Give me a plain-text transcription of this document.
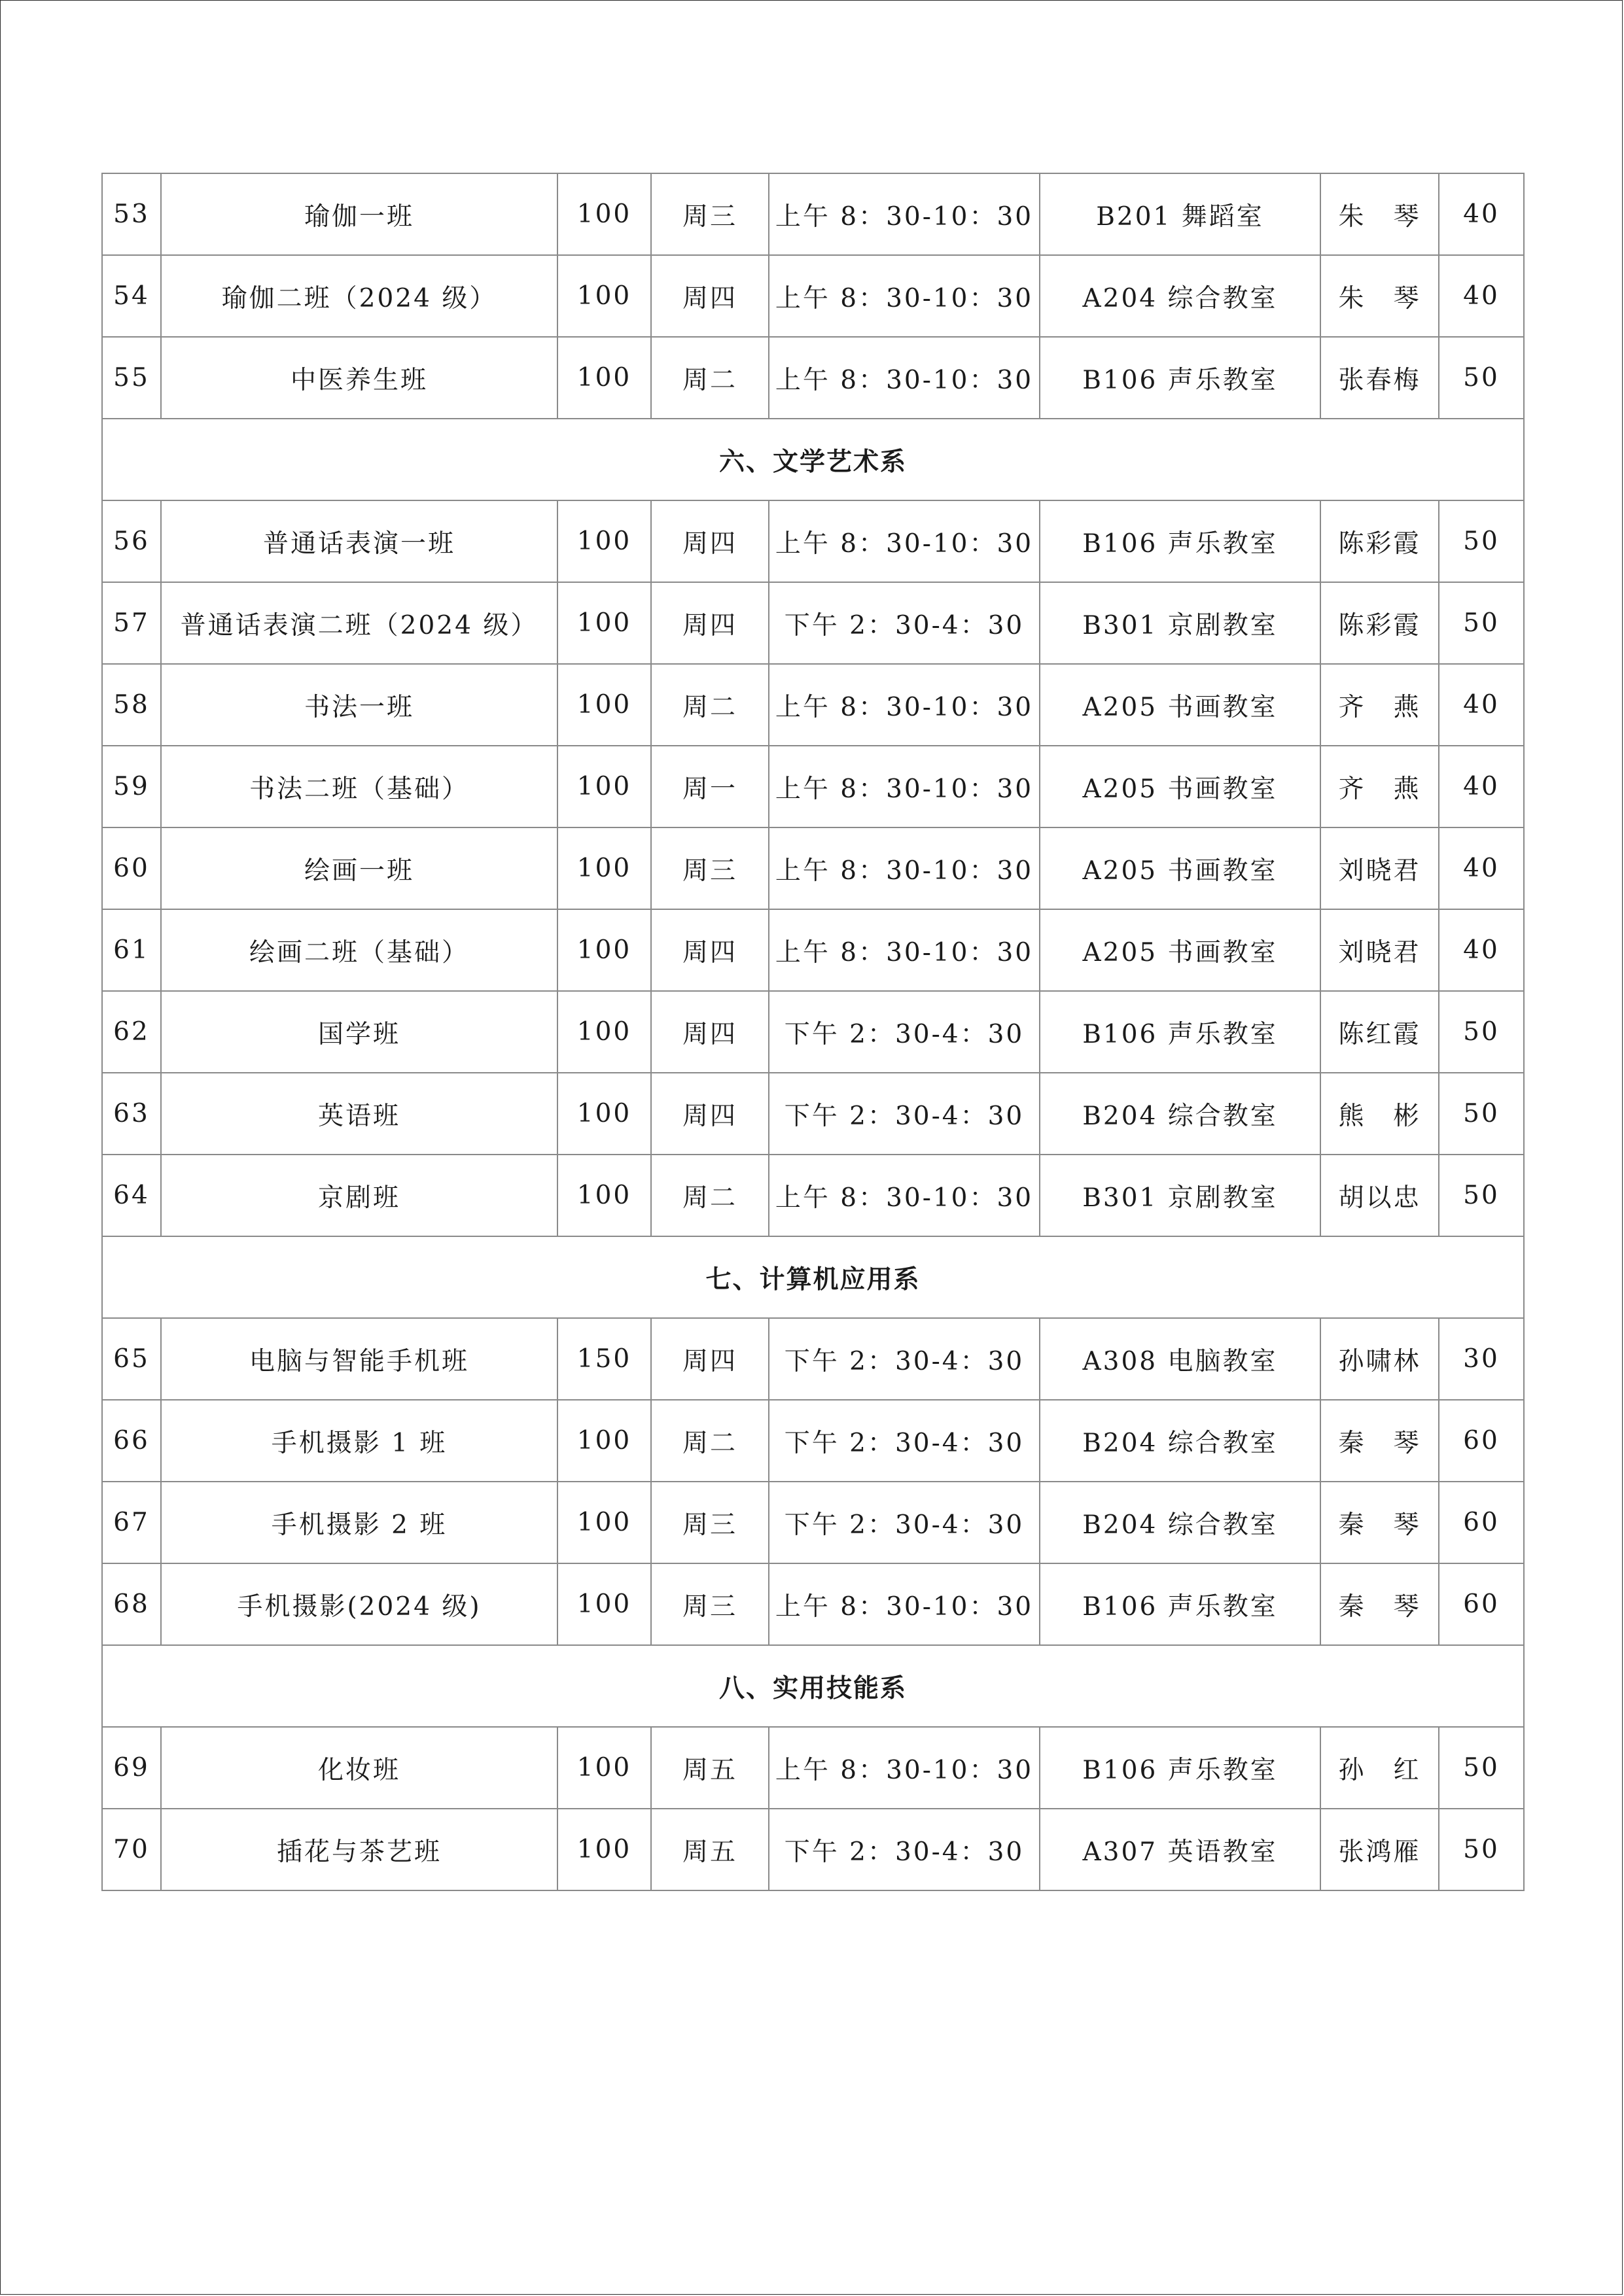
53	瑜伽一班	100	周三	上午 8：30-10：30	B201 舞蹈室	朱　琴	40
54	瑜伽二班（2024 级）	100	周四	上午 8：30-10：30	A204 综合教室	朱　琴	40
55	中医养生班	100	周二	上午 8：30-10：30	B106 声乐教室	张春梅	50
六、文学艺术系							
56	普通话表演一班	100	周四	上午 8：30-10：30	B106 声乐教室	陈彩霞	50
57	普通话表演二班（2024 级）	100	周四	下午 2：30-4：30	B301 京剧教室	陈彩霞	50
58	书法一班	100	周二	上午 8：30-10：30	A205 书画教室	齐　燕	40
59	书法二班（基础）	100	周一	上午 8：30-10：30	A205 书画教室	齐　燕	40
60	绘画一班	100	周三	上午 8：30-10：30	A205 书画教室	刘晓君	40
61	绘画二班（基础）	100	周四	上午 8：30-10：30	A205 书画教室	刘晓君	40
62	国学班	100	周四	下午 2：30-4：30	B106 声乐教室	陈红霞	50
63	英语班	100	周四	下午 2：30-4：30	B204 综合教室	熊　彬	50
64	京剧班	100	周二	上午 8：30-10：30	B301 京剧教室	胡以忠	50
七、计算机应用系							
65	电脑与智能手机班	150	周四	下午 2：30-4：30	A308 电脑教室	孙啸林	30
66	手机摄影 1 班	100	周二	下午 2：30-4：30	B204 综合教室	秦　琴	60
67	手机摄影 2 班	100	周三	下午 2：30-4：30	B204 综合教室	秦　琴	60
68	手机摄影(2024 级)	100	周三	上午 8：30-10：30	B106 声乐教室	秦　琴	60
八、实用技能系							
69	化妆班	100	周五	上午 8：30-10：30	B106 声乐教室	孙　红	50
70	插花与茶艺班	100	周五	下午 2：30-4：30	A307 英语教室	张鸿雁	50
